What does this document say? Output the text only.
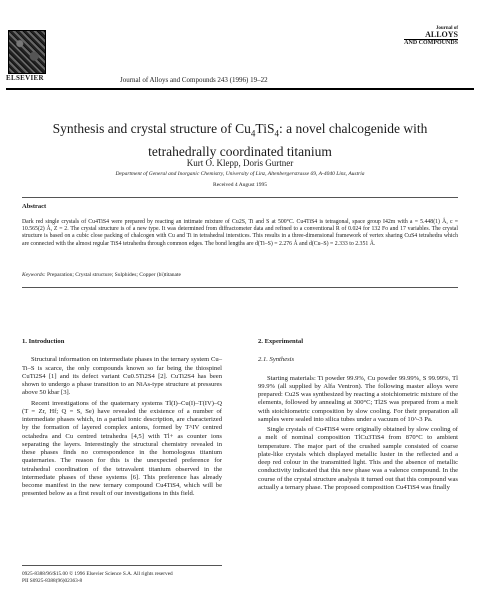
ELSEVIER	Journal of Alloys and Compounds 243 (1996) 19–22
Journal of
ALLOYS
AND COMPOUNDS
Synthesis and crystal structure of $Cu_4TiS_4$: a novel chalcogenide with tetrahedrally coordinated titanium
Kurt O. Klepp, Doris Gurtner
Department of General and Inorganic Chemistry, University of Linz, Altenbergerstrasse 69, A-4040 Linz, Austria
Received 4 August 1995
Abstract
Dark red single crystals of Cu4TiS4 were prepared by reacting an intimate mixture of Cu2S, Ti and S at 500°C. Cu4TiS4 is tetragonal, space group I42m with a = 5.448(1) Å, c = 10.565(2) Å, Z = 2. The crystal structure is of a new type. It was determined from diffractometer data and refined to a conventional R of 0.024 for 132 Fo and 17 variables. The crystal structure is based on a cubic close packing of chalcogen with Cu and Ti in tetrahedral interstices. This results in a three-dimensional framework of vertex sharing CuS4 tetrahedra which are connected with the almost regular TiS4 tetrahedra through common edges. The bond lengths are d(Ti–S) = 2.276 Å and d(Cu–S) = 2.333 to 2.351 Å.
Keywords: Preparation; Crystal structure; Sulphides; Copper (bi)titanate
1. Introduction

Structural information on intermediate phases in the ternary system Cu–Ti–S is scarce, the only compounds known so far being the thiospinel CuTi2S4 [1] and its defect variant Cu0.5Ti2S4 [2]. CuTi2S4 has been shown to undergo a phase transition to an NiAs-type structure at pressures above 50 kbar [3].

Recent investigations of the quaternary systems Tl(I)–Cu(I)–T(IV)–Q (T = Zr, Hf; Q = S, Se) have revealed the existence of a number of intermediate phases which, in a partial ionic description, are characterized by the formation of layered complex anions, formed by T^IV centred octahedra and Cu centred tetrahedra [4,5] with Tl+ as counter ions separating the layers. Interestingly the structural chemistry revealed in these phases finds no correspondence in the homologous titanium quaternaries. The reason for this is the unexpected preference for tetrahedral coordination of the tetravalent titanium observed in the intermediate phases of these systems [6]. This preference has already become manifest in the new ternary compound Cu4TiS4, which will be presented below as a first result of our investigations in this field.

0925-8388/96/$15.00 © 1996 Elsevier Science S.A. All rights reserved
PII S0925-8388(96)02363-8
2. Experimental
2.1. Synthesis

Starting materials: Ti powder 99.9%, Cu powder 99.99%, S 99.99%, Tl 99.9% (all supplied by Alfa Ventron). The following master alloys were prepared: Cu2S was synthesized by reacting a stoichiometric mixture of the elements, followed by annealing at 300°C; Tl2S was prepared from a melt with stoichiometric composition by slow cooling. For their preparation all samples were sealed into silica tubes under a vacuum of 10^-3 Pa.

Single crystals of Cu4TiS4 were originally obtained by slow cooling of a melt of nominal composition TlCu3TiS4 from 870°C to ambient temperature. The major part of the crushed sample consisted of coarse plate-like crystals which displayed metallic luster in the reflected and a deep red colour in the transmitted light. This and the absence of metallic conductivity indicated that this new phase was a valence compound. In the course of the crystal structure analysis it turned out that this compound was actually a ternary phase. The proposed composition Cu4TiS4 was finally
